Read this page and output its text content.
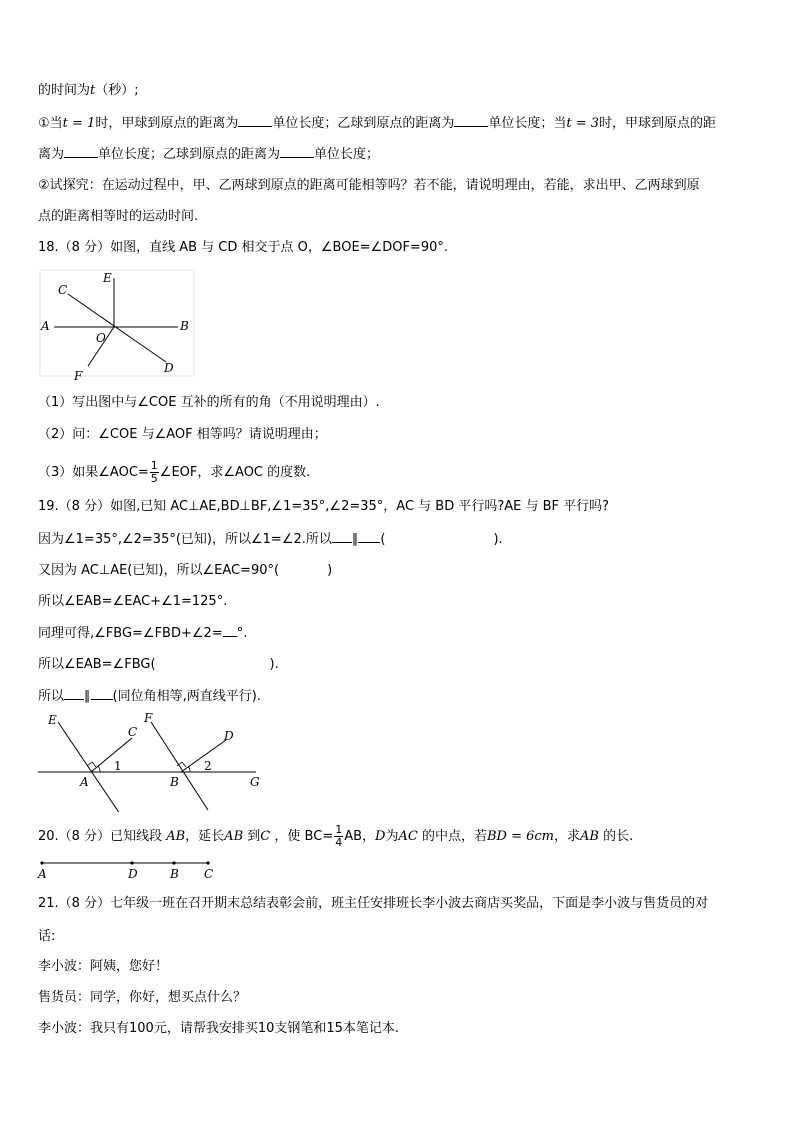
的时间为t（秒）;
①当t = 1时，甲球到原点的距离为	单位长度；乙球到原点的距离为	单位长度；当t = 3时，甲球到原点的距
离为	单位长度；乙球到原点的距离为	单位长度；
②试探究：在运动过程中，甲、乙两球到原点的距离可能相等吗？若不能，请说明理由，若能，求出甲、乙两球到原
点的距离相等时的运动时间.
18.（8 分）如图，直线 AB 与 CD 相交于点 O，∠BOE=∠DOF=90°.
E
C
A
O
B
F
D
（1）写出图中与∠COE 互补的所有的角（不用说明理由）.
（2）问：∠COE 与∠AOF 相等吗？请说明理由；
（3）如果∠AOC= $\frac{1}{5}$ ∠EOF，求∠AOC 的度数.
19.（8 分）如图,已知 AC⊥AE,BD⊥BF,∠1=35°,∠2=35°，AC 与 BD 平行吗?AE 与 BF 平行吗?
因为∠1=35°,∠2=35°(已知)，所以∠1=∠2.所以 ∥ (	).
又因为 AC⊥AE(已知)，所以∠EAC=90°(	)
所以∠EAB=∠EAC+∠1=125°.
同理可得,∠FBG=∠FBD+∠2= °.
所以∠EAB=∠FBG(	).
所以 ∥ (同位角相等,两直线平行).
E
C
A
1
F
D
B
2
G
20.（8 分）已知线段 AB，延长AB 到C ，使 $BC= \frac{1}{4}$ AB，D为AC 的中点，若BD = 6cm，求AB 的长.
A	D	B C
21.（8 分）七年级一班在召开期末总结表彰会前，班主任安排班长李小波去商店买奖品，下面是李小波与售货员的对
话:
李小波：阿姨，您好！
售货员：同学，你好，想买点什么？
李小波：我只有100元，请帮我安排买10支钢笔和15本笔记本.
